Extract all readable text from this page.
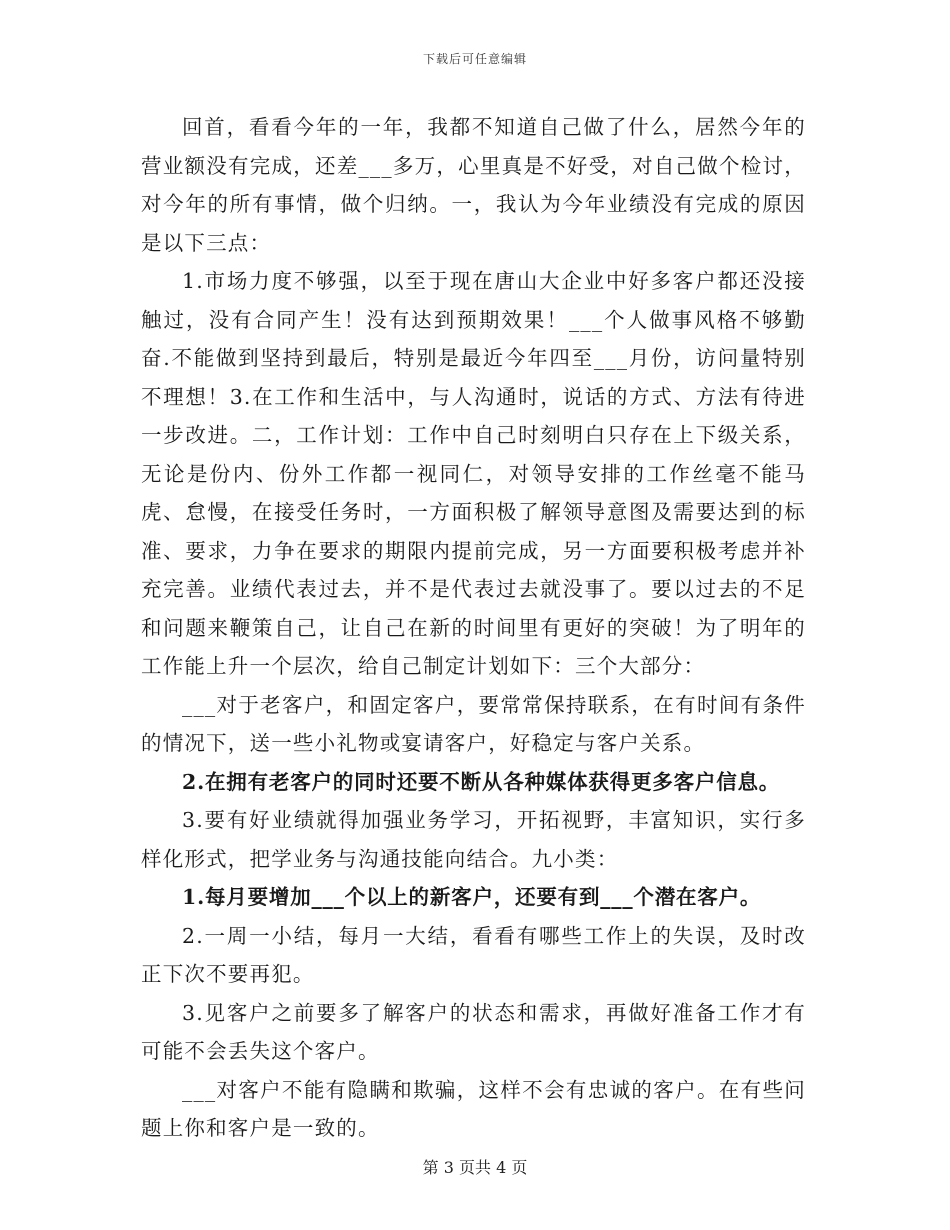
下载后可任意编辑

回首，看看今年的一年，我都不知道自己做了什么，居然今年的营业额没有完成，还差___多万，心里真是不好受，对自己做个检讨，对今年的所有事情，做个归纳。一，我认为今年业绩没有完成的原因是以下三点：

1.市场力度不够强，以至于现在唐山大企业中好多客户都还没接触过，没有合同产生！没有达到预期效果！___个人做事风格不够勤奋.不能做到坚持到最后，特别是最近今年四至___月份，访问量特别不理想！3.在工作和生活中，与人沟通时，说话的方式、方法有待进一步改进。二，工作计划：工作中自己时刻明白只存在上下级关系，无论是份内、份外工作都一视同仁，对领导安排的工作丝毫不能马虎、怠慢，在接受任务时，一方面积极了解领导意图及需要达到的标准、要求，力争在要求的期限内提前完成，另一方面要积极考虑并补充完善。业绩代表过去，并不是代表过去就没事了。要以过去的不足和问题来鞭策自己，让自己在新的时间里有更好的突破！为了明年的工作能上升一个层次，给自己制定计划如下：三个大部分：

___对于老客户，和固定客户，要常常保持联系，在有时间有条件的情况下，送一些小礼物或宴请客户，好稳定与客户关系。

2.在拥有老客户的同时还要不断从各种媒体获得更多客户信息。

3.要有好业绩就得加强业务学习，开拓视野，丰富知识，实行多样化形式，把学业务与沟通技能向结合。九小类：

1.每月要增加___个以上的新客户，还要有到___个潜在客户。

2.一周一小结，每月一大结，看看有哪些工作上的失误，及时改正下次不要再犯。

3.见客户之前要多了解客户的状态和需求，再做好准备工作才有可能不会丢失这个客户。

___对客户不能有隐瞒和欺骗，这样不会有忠诚的客户。在有些问题上你和客户是一致的。

第 3 页共 4 页
